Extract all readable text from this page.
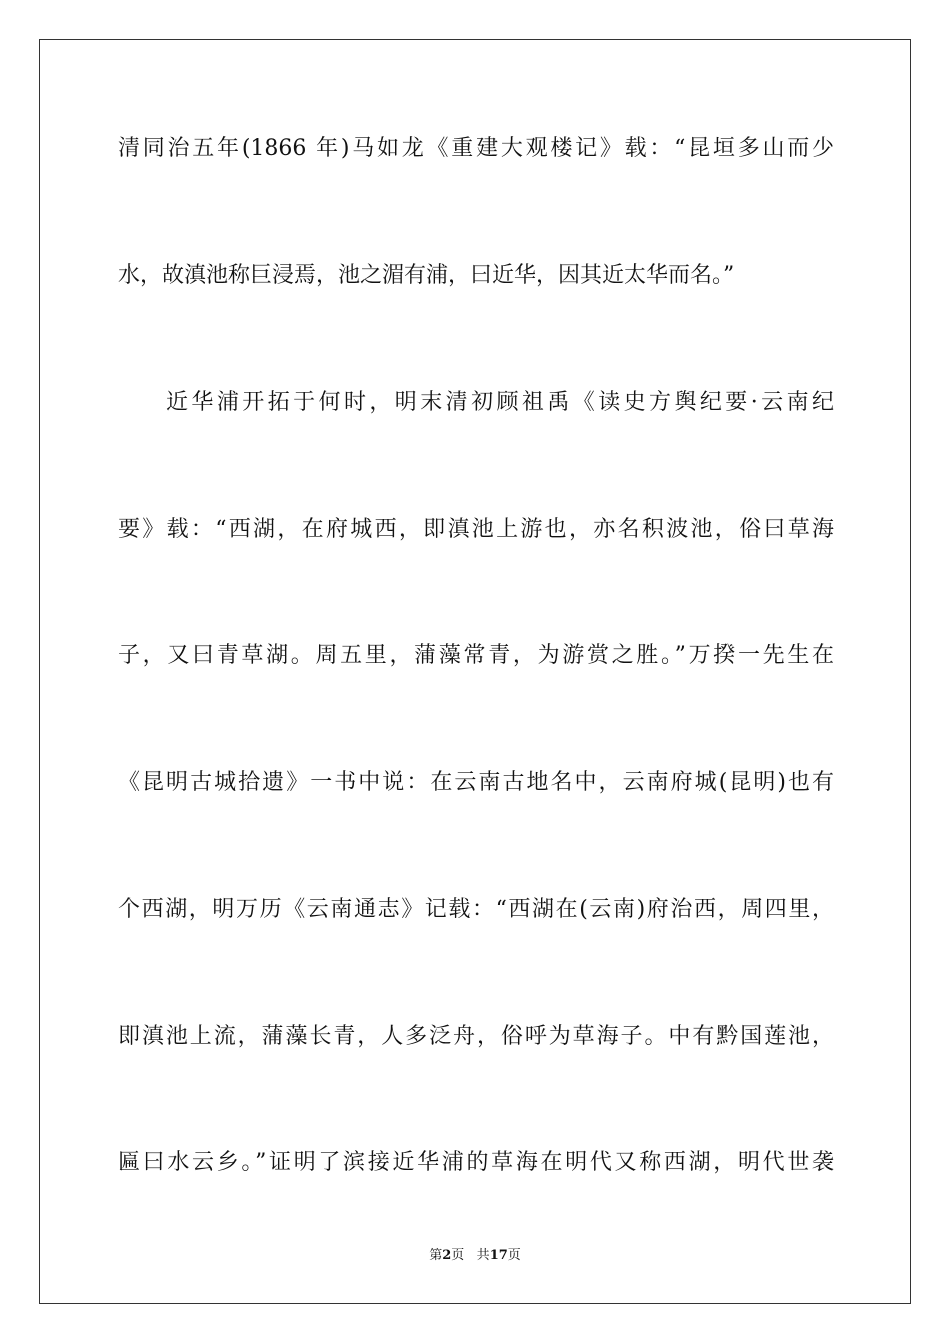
清同治五年(1866 年)马如龙《重建大观楼记》载：“昆垣多山而少
水，故滇池称巨浸焉，池之湄有浦，曰近华，因其近太华而名。”
近华浦开拓于何时，明末清初顾祖禹《读史方舆纪要·云南纪
要》载：“西湖，在府城西，即滇池上游也，亦名积波池，俗曰草海
子，又曰青草湖。周五里，蒲藻常青，为游赏之胜。”万揆一先生在
《昆明古城拾遗》一书中说：在云南古地名中，云南府城(昆明)也有
个西湖，明万历《云南通志》记载：“西湖在(云南)府治西，周四里，
即滇池上流，蒲藻长青，人多泛舟，俗呼为草海子。中有黔国莲池，
匾曰水云乡。”证明了滨接近华浦的草海在明代又称西湖，明代世袭
第2页 共17页
